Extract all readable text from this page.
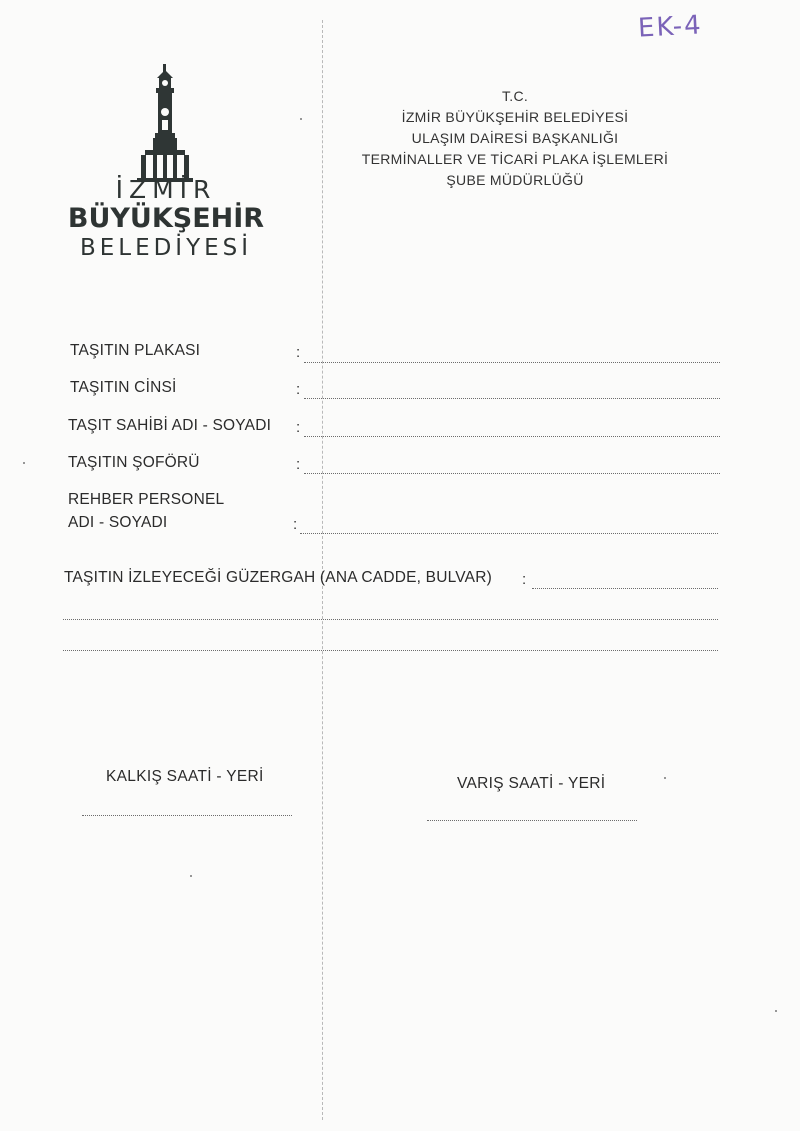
EK-4
İZMİR
BÜYÜKŞEHİR
BELEDİYESİ
T.C.
İZMİR BÜYÜKŞEHİR BELEDİYESİ
ULAŞIM DAİRESİ BAŞKANLIĞI
TERMİNALLER VE TİCARİ PLAKA İŞLEMLERİ
ŞUBE MÜDÜRLÜĞÜ
TAŞITIN PLAKASI	:
TAŞITIN CİNSİ	:
TAŞIT SAHİBİ ADI - SOYADI :
TAŞITIN ŞOFÖRÜ	:
REHBER PERSONEL
ADI - SOYADI	:
TAŞITIN İZLEYECEĞİ GÜZERGAH (ANA CADDE, BULVAR) :
KALKIŞ SAATİ - YERİ	VARIŞ SAATİ - YERİ
